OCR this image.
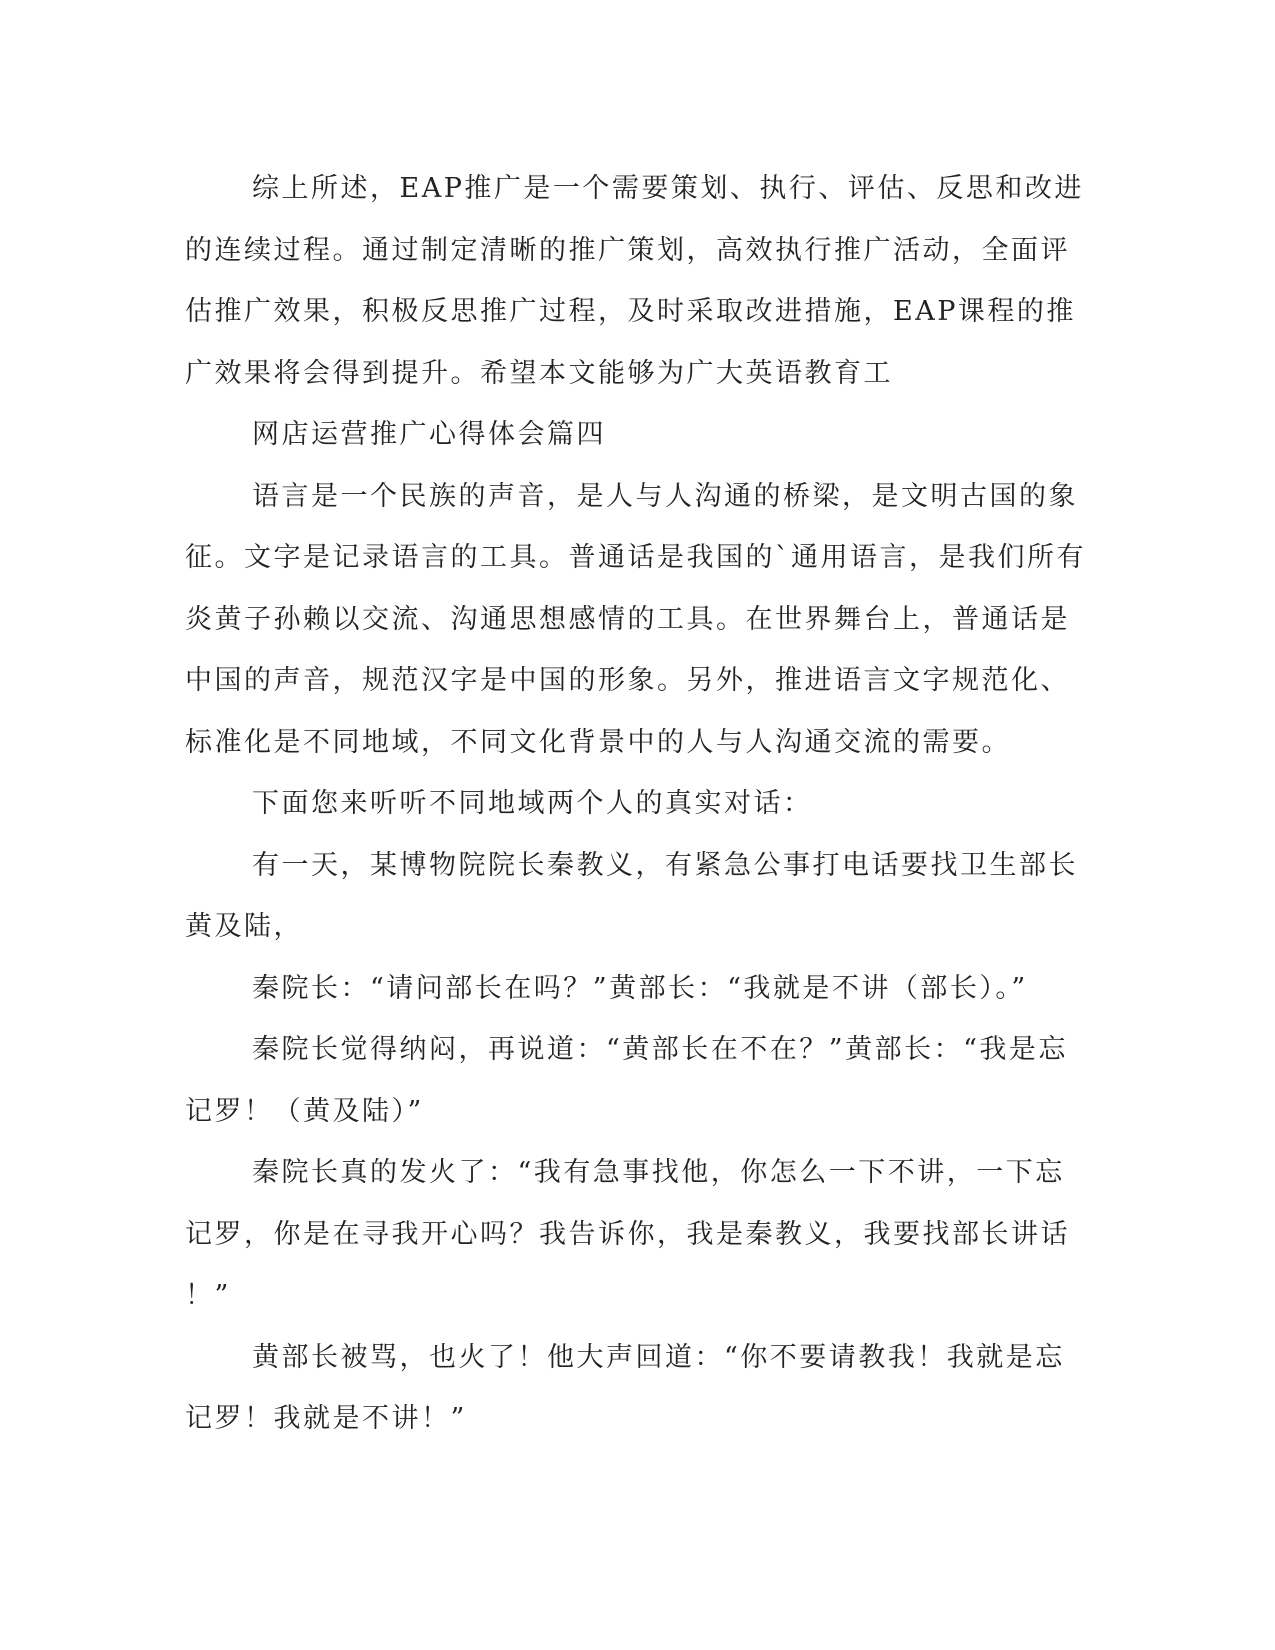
综上所述，EAP推广是一个需要策划、执行、评估、反思和改进
的连续过程。通过制定清晰的推广策划，高效执行推广活动，全面评
估推广效果，积极反思推广过程，及时采取改进措施，EAP课程的推
广效果将会得到提升。希望本文能够为广大英语教育工
网店运营推广心得体会篇四
语言是一个民族的声音，是人与人沟通的桥梁，是文明古国的象
征。文字是记录语言的工具。普通话是我国的`通用语言，是我们所有
炎黄子孙赖以交流、沟通思想感情的工具。在世界舞台上，普通话是
中国的声音，规范汉字是中国的形象。另外，推进语言文字规范化、
标准化是不同地域，不同文化背景中的人与人沟通交流的需要。
下面您来听听不同地域两个人的真实对话：
有一天，某博物院院长秦教义，有紧急公事打电话要找卫生部长
黄及陆，
秦院长：“请问部长在吗？”黄部长：“我就是不讲（部长）。”
秦院长觉得纳闷，再说道：“黄部长在不在？”黄部长：“我是忘
记罗！（黄及陆）”
秦院长真的发火了：“我有急事找他，你怎么一下不讲，一下忘
记罗，你是在寻我开心吗？我告诉你，我是秦教义，我要找部长讲话
！”
黄部长被骂，也火了！他大声回道：“你不要请教我！我就是忘
记罗！我就是不讲！”
